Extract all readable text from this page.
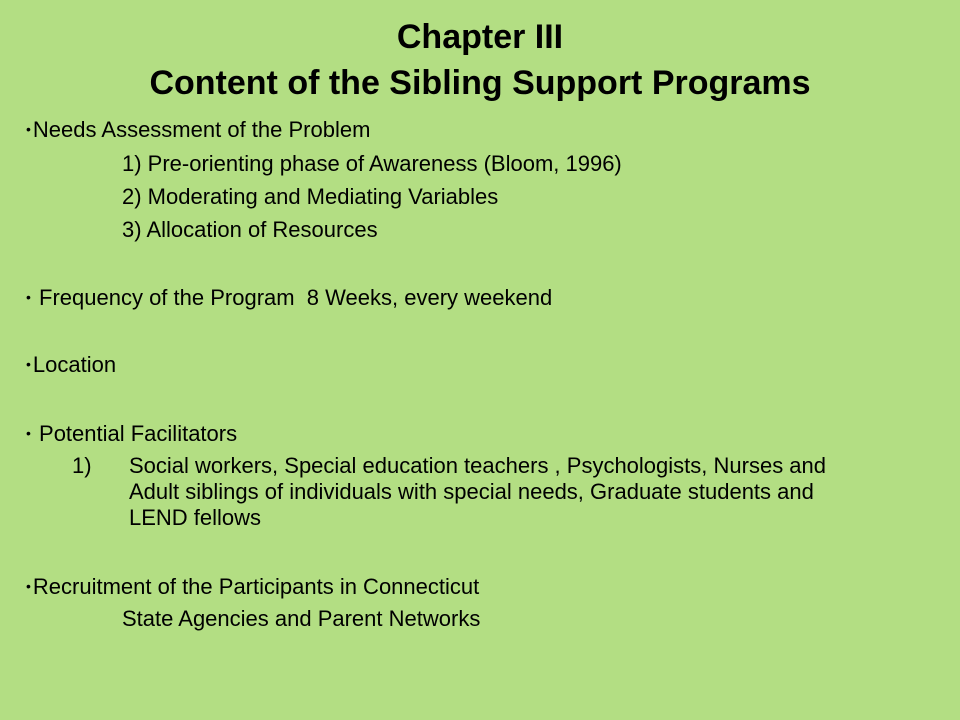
Chapter III
Content of the Sibling Support Programs
•Needs Assessment of the Problem
1) Pre-orienting phase of Awareness (Bloom, 1996)
2) Moderating and Mediating Variables
3) Allocation of Resources
• Frequency of the Program  8 Weeks, every weekend
•Location
• Potential Facilitators
1) Social workers, Special education teachers , Psychologists, Nurses and
Adult siblings of individuals with special needs, Graduate students and
LEND fellows
•Recruitment of the Participants in Connecticut
State Agencies and Parent Networks
